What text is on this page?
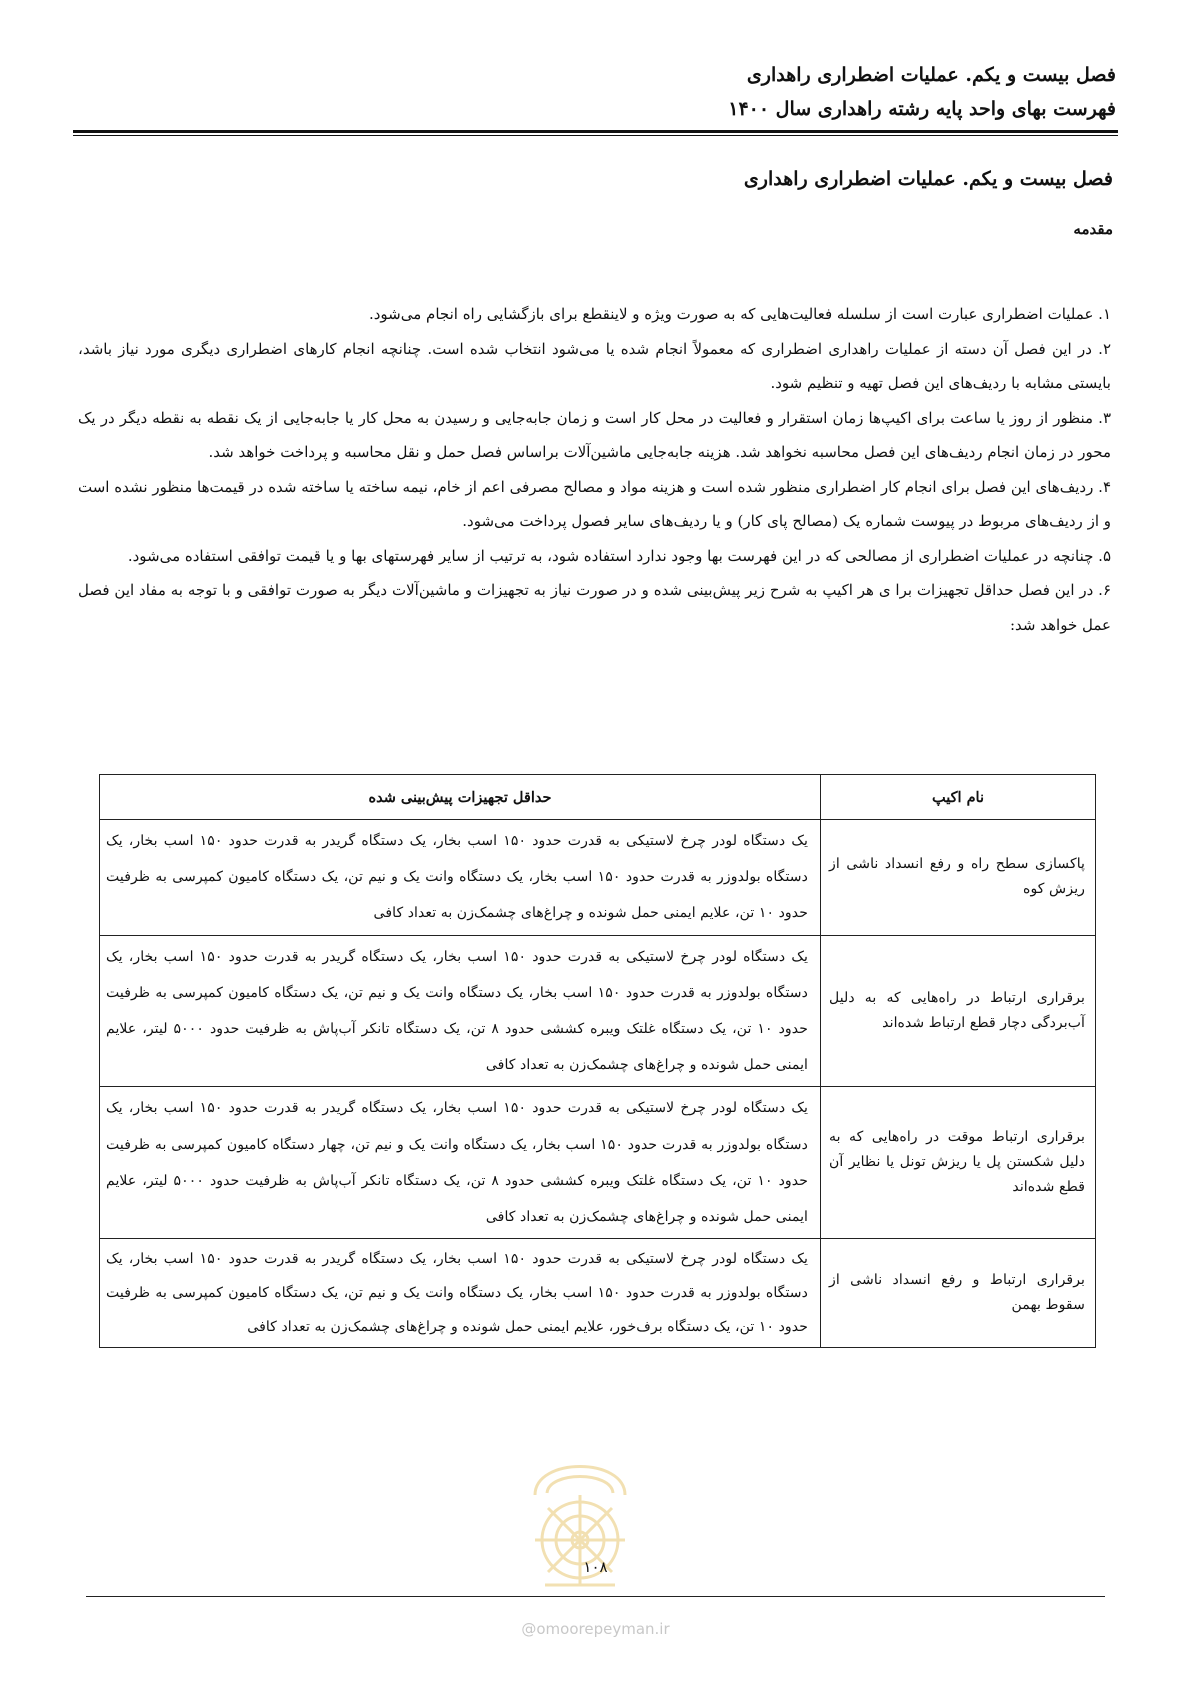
فصل بیست و یکم. عملیات اضطراری راهداری
فهرست بهای واحد پایه رشته راهداری سال ۱۴۰۰
فصل بیست و یکم. عملیات اضطراری راهداری
مقدمه

۱. عملیات اضطراری عبارت است از سلسله فعالیت‌هایی که به صورت ویژه و لاینقطع برای بازگشایی راه انجام می‌شود.

۲. در این فصل آن دسته از عملیات راهداری اضطراری که معمولاً انجام شده یا می‌شود انتخاب شده است. چنانچه انجام کارهای اضطراری دیگری مورد نیاز باشد، بایستی مشابه با ردیف‌های این فصل تهیه و تنظیم شود.

۳. منظور از روز یا ساعت برای اکیپ‌ها زمان استقرار و فعالیت در محل کار است و زمان جابه‌جایی و رسیدن به محل کار یا جابه‌جایی از یک نقطه به نقطه دیگر در یک محور در زمان انجام ردیف‌های این فصل محاسبه نخواهد شد. هزینه جابه‌جایی ماشین‌آلات براساس فصل حمل و نقل محاسبه و پرداخت خواهد شد.

۴. ردیف‌های این فصل برای انجام کار اضطراری منظور شده است و هزینه مواد و مصالح مصرفی اعم از خام، نیمه ساخته یا ساخته شده در قیمت‌ها منظور نشده است و از ردیف‌های مربوط در پیوست شماره یک (مصالح پای کار) و یا ردیف‌های سایر فصول پرداخت می‌شود.

۵. چنانچه در عملیات اضطراری از مصالحی که در این فهرست بها وجود ندارد استفاده شود، به ترتیب از سایر فهرستهای بها و یا قیمت توافقی استفاده می‌شود.

۶. در این فصل حداقل تجهیزات برا ی هر اکیپ به شرح زیر پیش‌بینی شده و در صورت نیاز به تجهیزات و ماشین‌آلات دیگر به صورت توافقی و با توجه به مفاد این فصل عمل خواهد شد:

نام اکیپ	حداقل تجهیزات پیش‌بینی شده
پاکسازی سطح راه و رفع انسداد ناشی از ریزش کوه	یک دستگاه لودر چرخ لاستیکی به قدرت حدود ۱۵۰ اسب بخار، یک دستگاه گریدر به قدرت حدود ۱۵۰ اسب بخار، یک دستگاه بولدوزر به قدرت حدود ۱۵۰ اسب بخار، یک دستگاه وانت یک و نیم تن، یک دستگاه کامیون کمپرسی به ظرفیت حدود ۱۰ تن، علایم ایمنی حمل شونده و چراغ‌های چشمک‌زن به تعداد کافی
برقراری ارتباط در راه‌هایی که به دلیل آب‌بردگی دچار قطع ارتباط شده‌اند	یک دستگاه لودر چرخ لاستیکی به قدرت حدود ۱۵۰ اسب بخار، یک دستگاه گریدر به قدرت حدود ۱۵۰ اسب بخار، یک دستگاه بولدوزر به قدرت حدود ۱۵۰ اسب بخار، یک دستگاه وانت یک و نیم تن، یک دستگاه کامیون کمپرسی به ظرفیت حدود ۱۰ تن، یک دستگاه غلتک ویبره کششی حدود ۸ تن، یک دستگاه تانکر آب‌پاش به ظرفیت حدود ۵۰۰۰ لیتر، علایم ایمنی حمل شونده و چراغ‌های چشمک‌زن به تعداد کافی
برقراری ارتباط موقت در راه‌هایی که به دلیل شکستن پل یا ریزش تونل یا نظایر آن قطع شده‌اند	یک دستگاه لودر چرخ لاستیکی به قدرت حدود ۱۵۰ اسب بخار، یک دستگاه گریدر به قدرت حدود ۱۵۰ اسب بخار، یک دستگاه بولدوزر به قدرت حدود ۱۵۰ اسب بخار، یک دستگاه وانت یک و نیم تن، چهار دستگاه کامیون کمپرسی به ظرفیت حدود ۱۰ تن، یک دستگاه غلتک ویبره کششی حدود ۸ تن، یک دستگاه تانکر آب‌پاش به ظرفیت حدود ۵۰۰۰ لیتر، علایم ایمنی حمل شونده و چراغ‌های چشمک‌زن به تعداد کافی
برقراری ارتباط و رفع انسداد ناشی از سقوط بهمن	یک دستگاه لودر چرخ لاستیکی به قدرت حدود ۱۵۰ اسب بخار، یک دستگاه گریدر به قدرت حدود ۱۵۰ اسب بخار، یک دستگاه بولدوزر به قدرت حدود ۱۵۰ اسب بخار، یک دستگاه وانت یک و نیم تن، یک دستگاه کامیون کمپرسی به ظرفیت حدود ۱۰ تن، یک دستگاه برف‌خور، علایم ایمنی حمل شونده و چراغ‌های چشمک‌زن به تعداد کافی
۱۰۸
@omoorepeyman.ir
